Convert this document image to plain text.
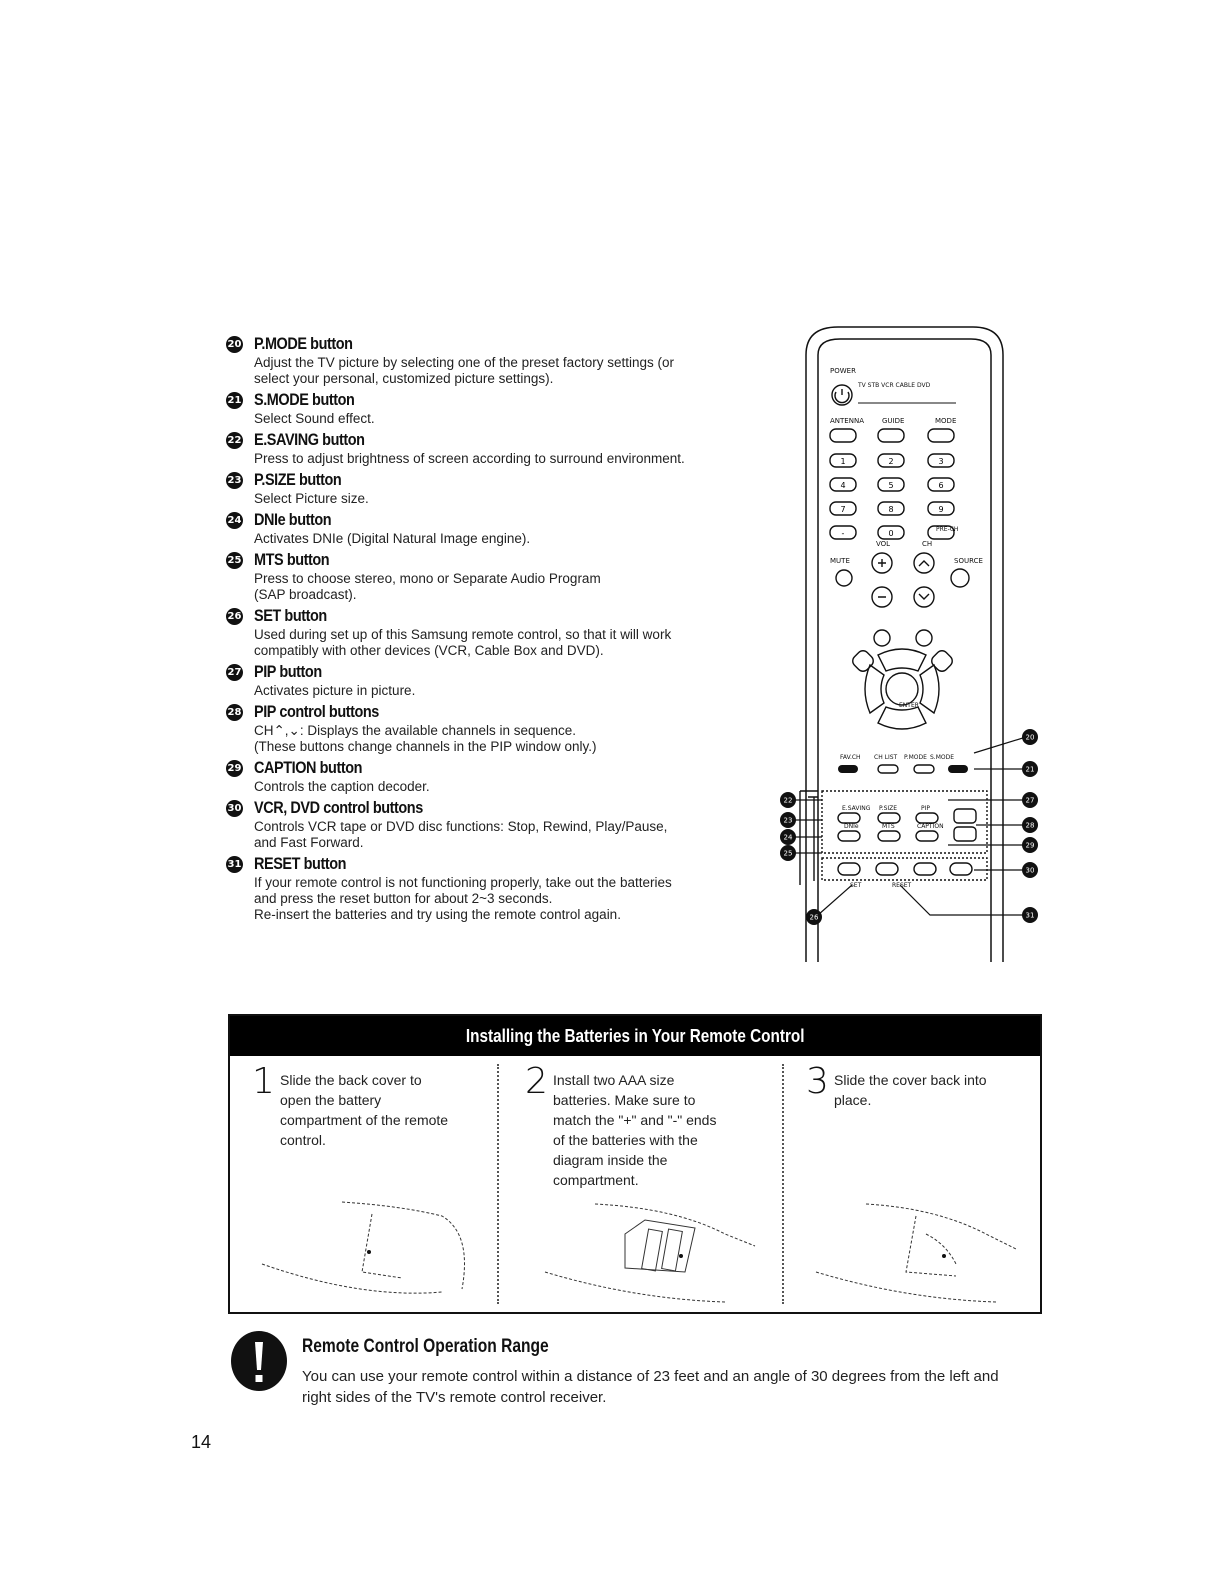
20 P.MODE button
Adjust the TV picture by selecting one of the preset factory settings (or
select your personal, customized picture settings).
21 S.MODE button
Select Sound effect.
22 E.SAVING button
Press to adjust brightness of screen according to surround environment.
23 P.SIZE button
Select Picture size.
24 DNIe button
Activates DNIe (Digital Natural Image engine).
25 MTS button
Press to choose stereo, mono or Separate Audio Program
(SAP broadcast).
26 SET button
Used during set up of this Samsung remote control, so that it will work
compatibly with other devices (VCR, Cable Box and DVD).
27 PIP button
Activates picture in picture.
28 PIP control buttons
CH⌃,⌄: Displays the available channels in sequence.
(These buttons change channels in the PIP window only.)
29 CAPTION button
Controls the caption decoder.
30 VCR, DVD control buttons
Controls VCR tape or DVD disc functions: Stop, Rewind, Play/Pause,
and Fast Forward.
31 RESET button
If your remote control is not functioning properly, take out the batteries
and press the reset button for about 2~3 seconds.
Re-insert the batteries and try using the remote control again.
POWER
TV STB VCR CABLE DVD
ANTENNA	GUIDE	MODE
VOL	CH
MUTE	SOURCE
ENTER
FAV.CH CH LIST P.MODE S.MODE
E.SAVING P.SIZE	PIP
DNIe	MTS	CAPTION
SET	RESET
PRE-CH
1	2	3
4	5	6
7	8	9
-	0
20
21
22
23
24
25
26
27
28
29
30
31
Installing the Batteries in Your Remote Control
1 Slide the back cover to
open the battery
compartment of the remote
control.
2 Install two AAA size
batteries. Make sure to
match the "+" and "-" ends
of the batteries with the
diagram inside the
compartment.
3 Slide the cover back into
place.
Remote Control Operation Range
You can use your remote control within a distance of 23 feet and an angle of 30 degrees from the left and right sides of the TV's remote control receiver.
14
